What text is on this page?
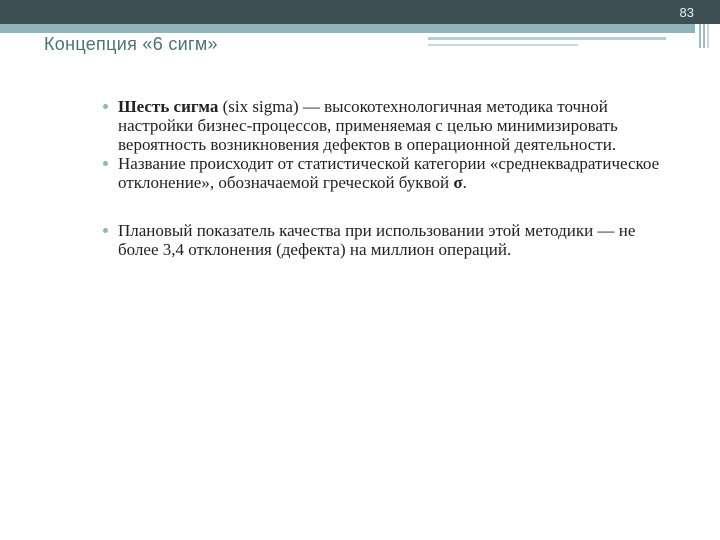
83
Концепция «6 сигм»
Шесть сигма (six sigma) — высокотехнологичная методика точной настройки бизнес-процессов, применяемая с целью минимизировать вероятность возникновения дефектов в операционной деятельности.
Название происходит от статистической категории «среднеквадратическое отклонение», обозначаемой греческой буквой σ.
Плановый показатель качества при использовании этой методики — не более 3,4 отклонения (дефекта) на миллион операций.
